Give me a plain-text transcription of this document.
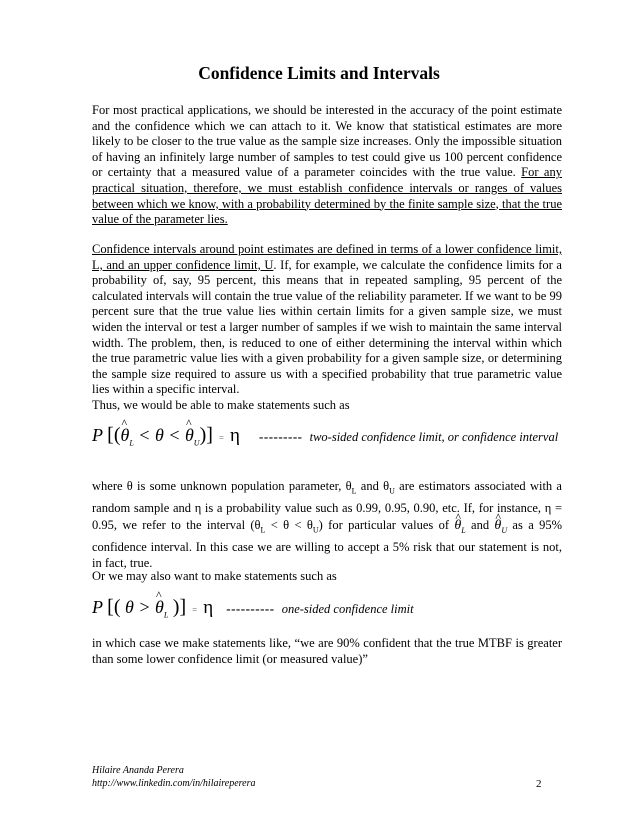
Confidence Limits and Intervals

For most practical applications, we should be interested in the accuracy of the point estimate and the confidence which we can attach to it. We know that statistical estimates are more likely to be closer to the true value as the sample size increases. Only the impossible situation of having an infinitely large number of samples to test could give us 100 percent confidence or certainty that a measured value of a parameter coincides with the true value. For any practical situation, therefore, we must establish confidence intervals or ranges of values between which we know, with a probability determined by the finite sample size, that the true value of the parameter lies.

Confidence intervals around point estimates are defined in terms of a lower confidence limit, L, and an upper confidence limit, U. If, for example, we calculate the confidence limits for a probability of, say, 95 percent, this means that in repeated sampling, 95 percent of the calculated intervals will contain the true value of the reliability parameter. If we want to be 99 percent sure that the true value lies within certain limits for a given sample size, we must widen the interval or test a larger number of samples if we wish to maintain the same interval width. The problem, then, is reduced to one of either determining the interval within which the true parametric value lies with a given probability for a given sample size, or determining the sample size required to assure us with a specified probability that true parametric value lies within a specific interval.

Thus, we would be able to make statements such as

P [(^ $\theta_L < \theta$ < ^ $\theta_U)] = \eta$ --------- two-sided confidence limit, or confidence interval

where θ is some unknown population parameter, $\theta_L$ and $\theta_U$ are estimators associated with a random sample and η is a probability value such as 0.99, 0.95, 0.90, etc. If, for instance, η = 0.95, we refer to the interval $(\theta_L < \theta < \theta_U)$ for particular values of ^ $\theta_L$ and ^ $\theta_U$ as a 95% confidence interval. In this case we are willing to accept a 5% risk that our statement is not, in fact, true.

Or we may also want to make statements such as

P [( θ > ^ $\theta_L$ )] = η ---------- one-sided confidence limit

in which case we make statements like, “we are 90% confident that the true MTBF is greater than some lower confidence limit (or measured value)”

Hilaire Ananda Perera
http://www.linkedin.com/in/hilaireperera	2
